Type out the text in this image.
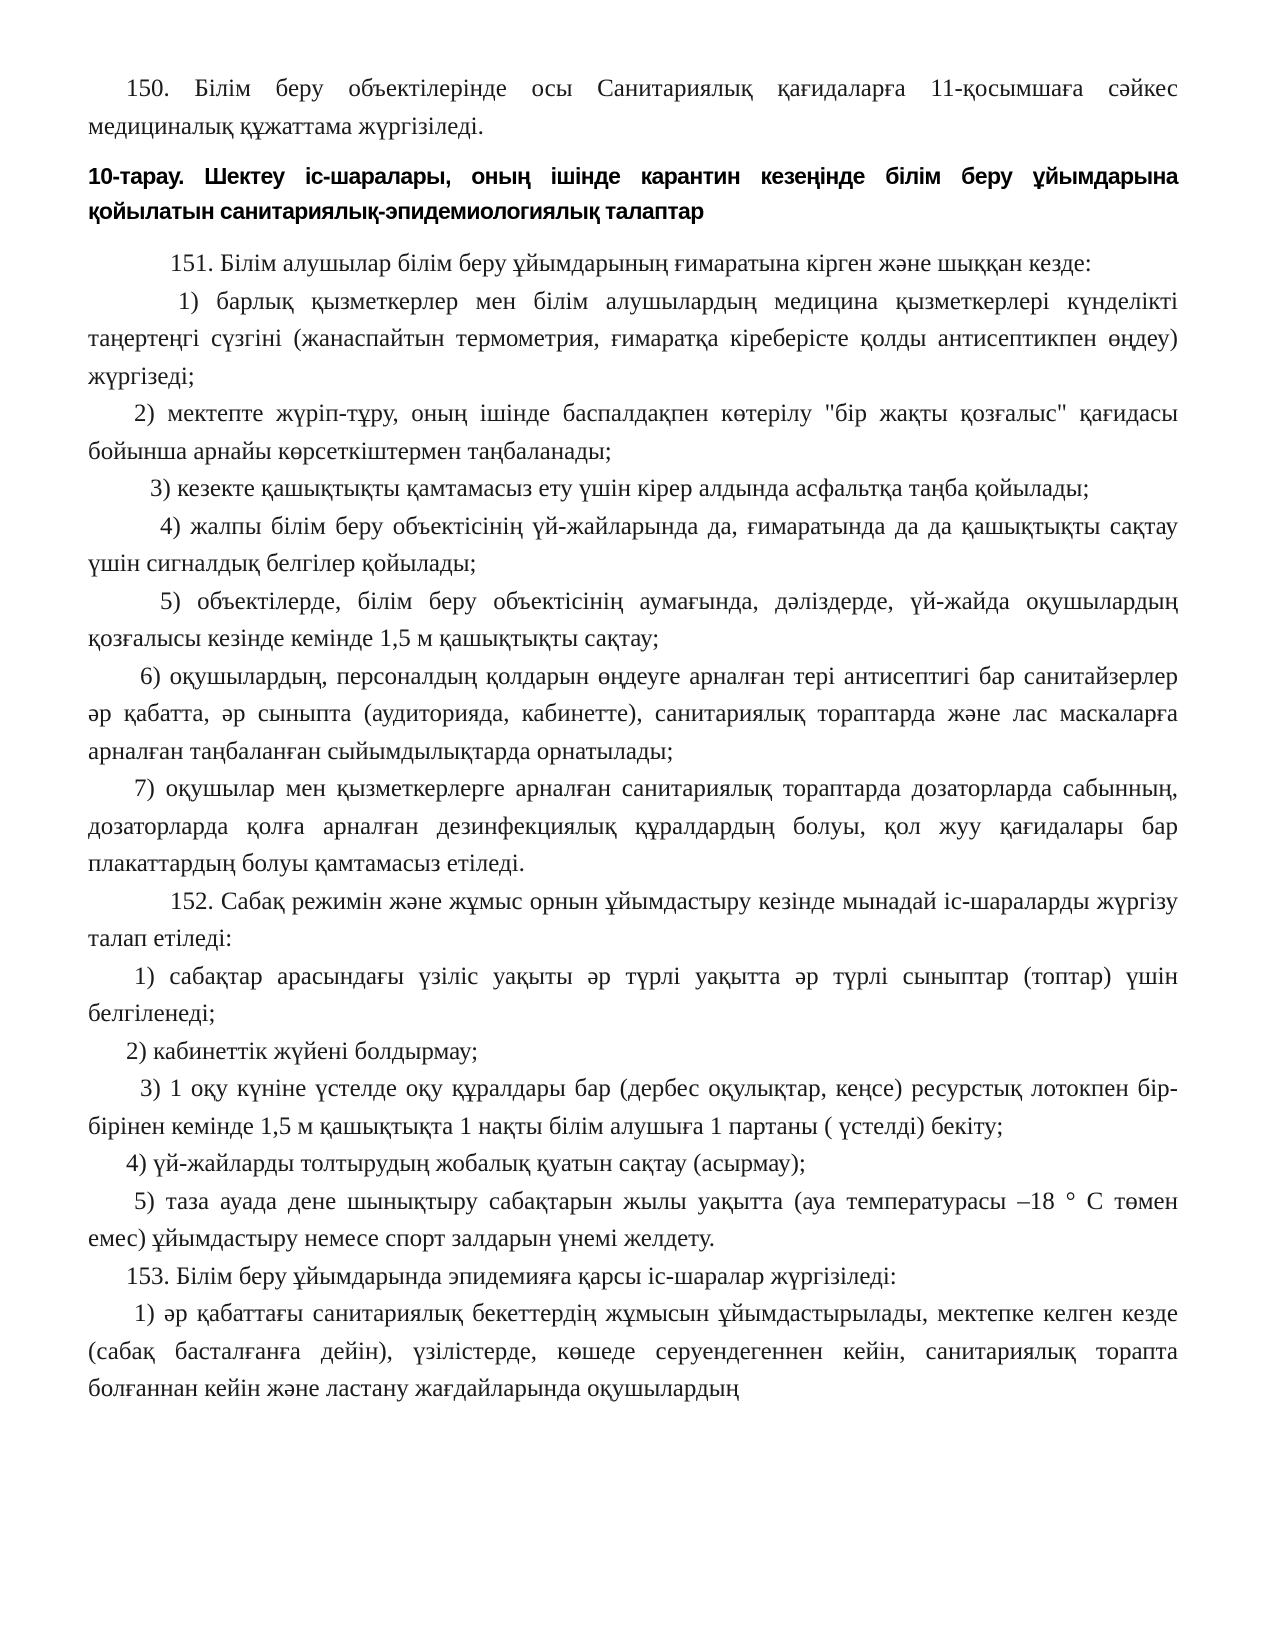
150. Білім беру объектілерінде осы Санитариялық қағидаларға 11-қосымшаға сәйкес медициналық құжаттама жүргізіледі.

10-тарау. Шектеу іс-шаралары, оның ішінде карантин кезеңінде білім беру ұйымдарына қойылатын санитариялық-эпидемиологиялық талаптар

151. Білім алушылар білім беру ұйымдарының ғимаратына кірген және шыққан кезде:

1) барлық қызметкерлер мен білім алушылардың медицина қызметкерлері күнделікті таңертеңгі сүзгіні (жанаспайтын термометрия, ғимаратқа кіреберісте қолды антисептикпен өңдеу) жүргізеді;

2) мектепте жүріп-тұру, оның ішінде баспалдақпен көтерілу "бір жақты қозғалыс" қағидасы бойынша арнайы көрсеткіштермен таңбаланады;

3) кезекте қашықтықты қамтамасыз ету үшін кірер алдында асфальтқа таңба қойылады;

4) жалпы білім беру объектісінің үй-жайларында да, ғимаратында да да қашықтықты сақтау үшін сигналдық белгілер қойылады;

5) объектілерде, білім беру объектісінің аумағында, дәліздерде, үй-жайда оқушылардың қозғалысы кезінде кемінде 1,5 м қашықтықты сақтау;

6) оқушылардың, персоналдың қолдарын өңдеуге арналған тері антисептигі бар санитайзерлер әр қабатта, әр сыныпта (аудиторияда, кабинетте), санитариялық тораптарда және лас маскаларға арналған таңбаланған сыйымдылықтарда орнатылады;

7) оқушылар мен қызметкерлерге арналған санитариялық тораптарда дозаторларда сабынның, дозаторларда қолға арналған дезинфекциялық құралдардың болуы, қол жуу қағидалары бар плакаттардың болуы қамтамасыз етіледі.

152. Сабақ режимін және жұмыс орнын ұйымдастыру кезінде мынадай іс-шараларды жүргізу талап етіледі:

1) сабақтар арасындағы үзіліс уақыты әр түрлі уақытта әр түрлі сыныптар (топтар) үшін белгіленеді;

2) кабинеттік жүйені болдырмау;

3) 1 оқу күніне үстелде оқу құралдары бар (дербес оқулықтар, кеңсе) ресурстық лотокпен бір-бірінен кемінде 1,5 м қашықтықта 1 нақты білім алушыға 1 партаны ( үстелді) бекіту;

4) үй-жайларды толтырудың жобалық қуатын сақтау (асырмау);

5) таза ауада дене шынықтыру сабақтарын жылы уақытта (ауа температурасы –18 ° С төмен емес) ұйымдастыру немесе спорт залдарын үнемі желдету.

153. Білім беру ұйымдарында эпидемияға қарсы іс-шаралар жүргізіледі:

1) әр қабаттағы санитариялық бекеттердің жұмысын ұйымдастырылады, мектепке келген кезде (сабақ басталғанға дейін), үзілістерде, көшеде серуендегеннен кейін, санитариялық торапта болғаннан кейін және ластану жағдайларында оқушылардың
